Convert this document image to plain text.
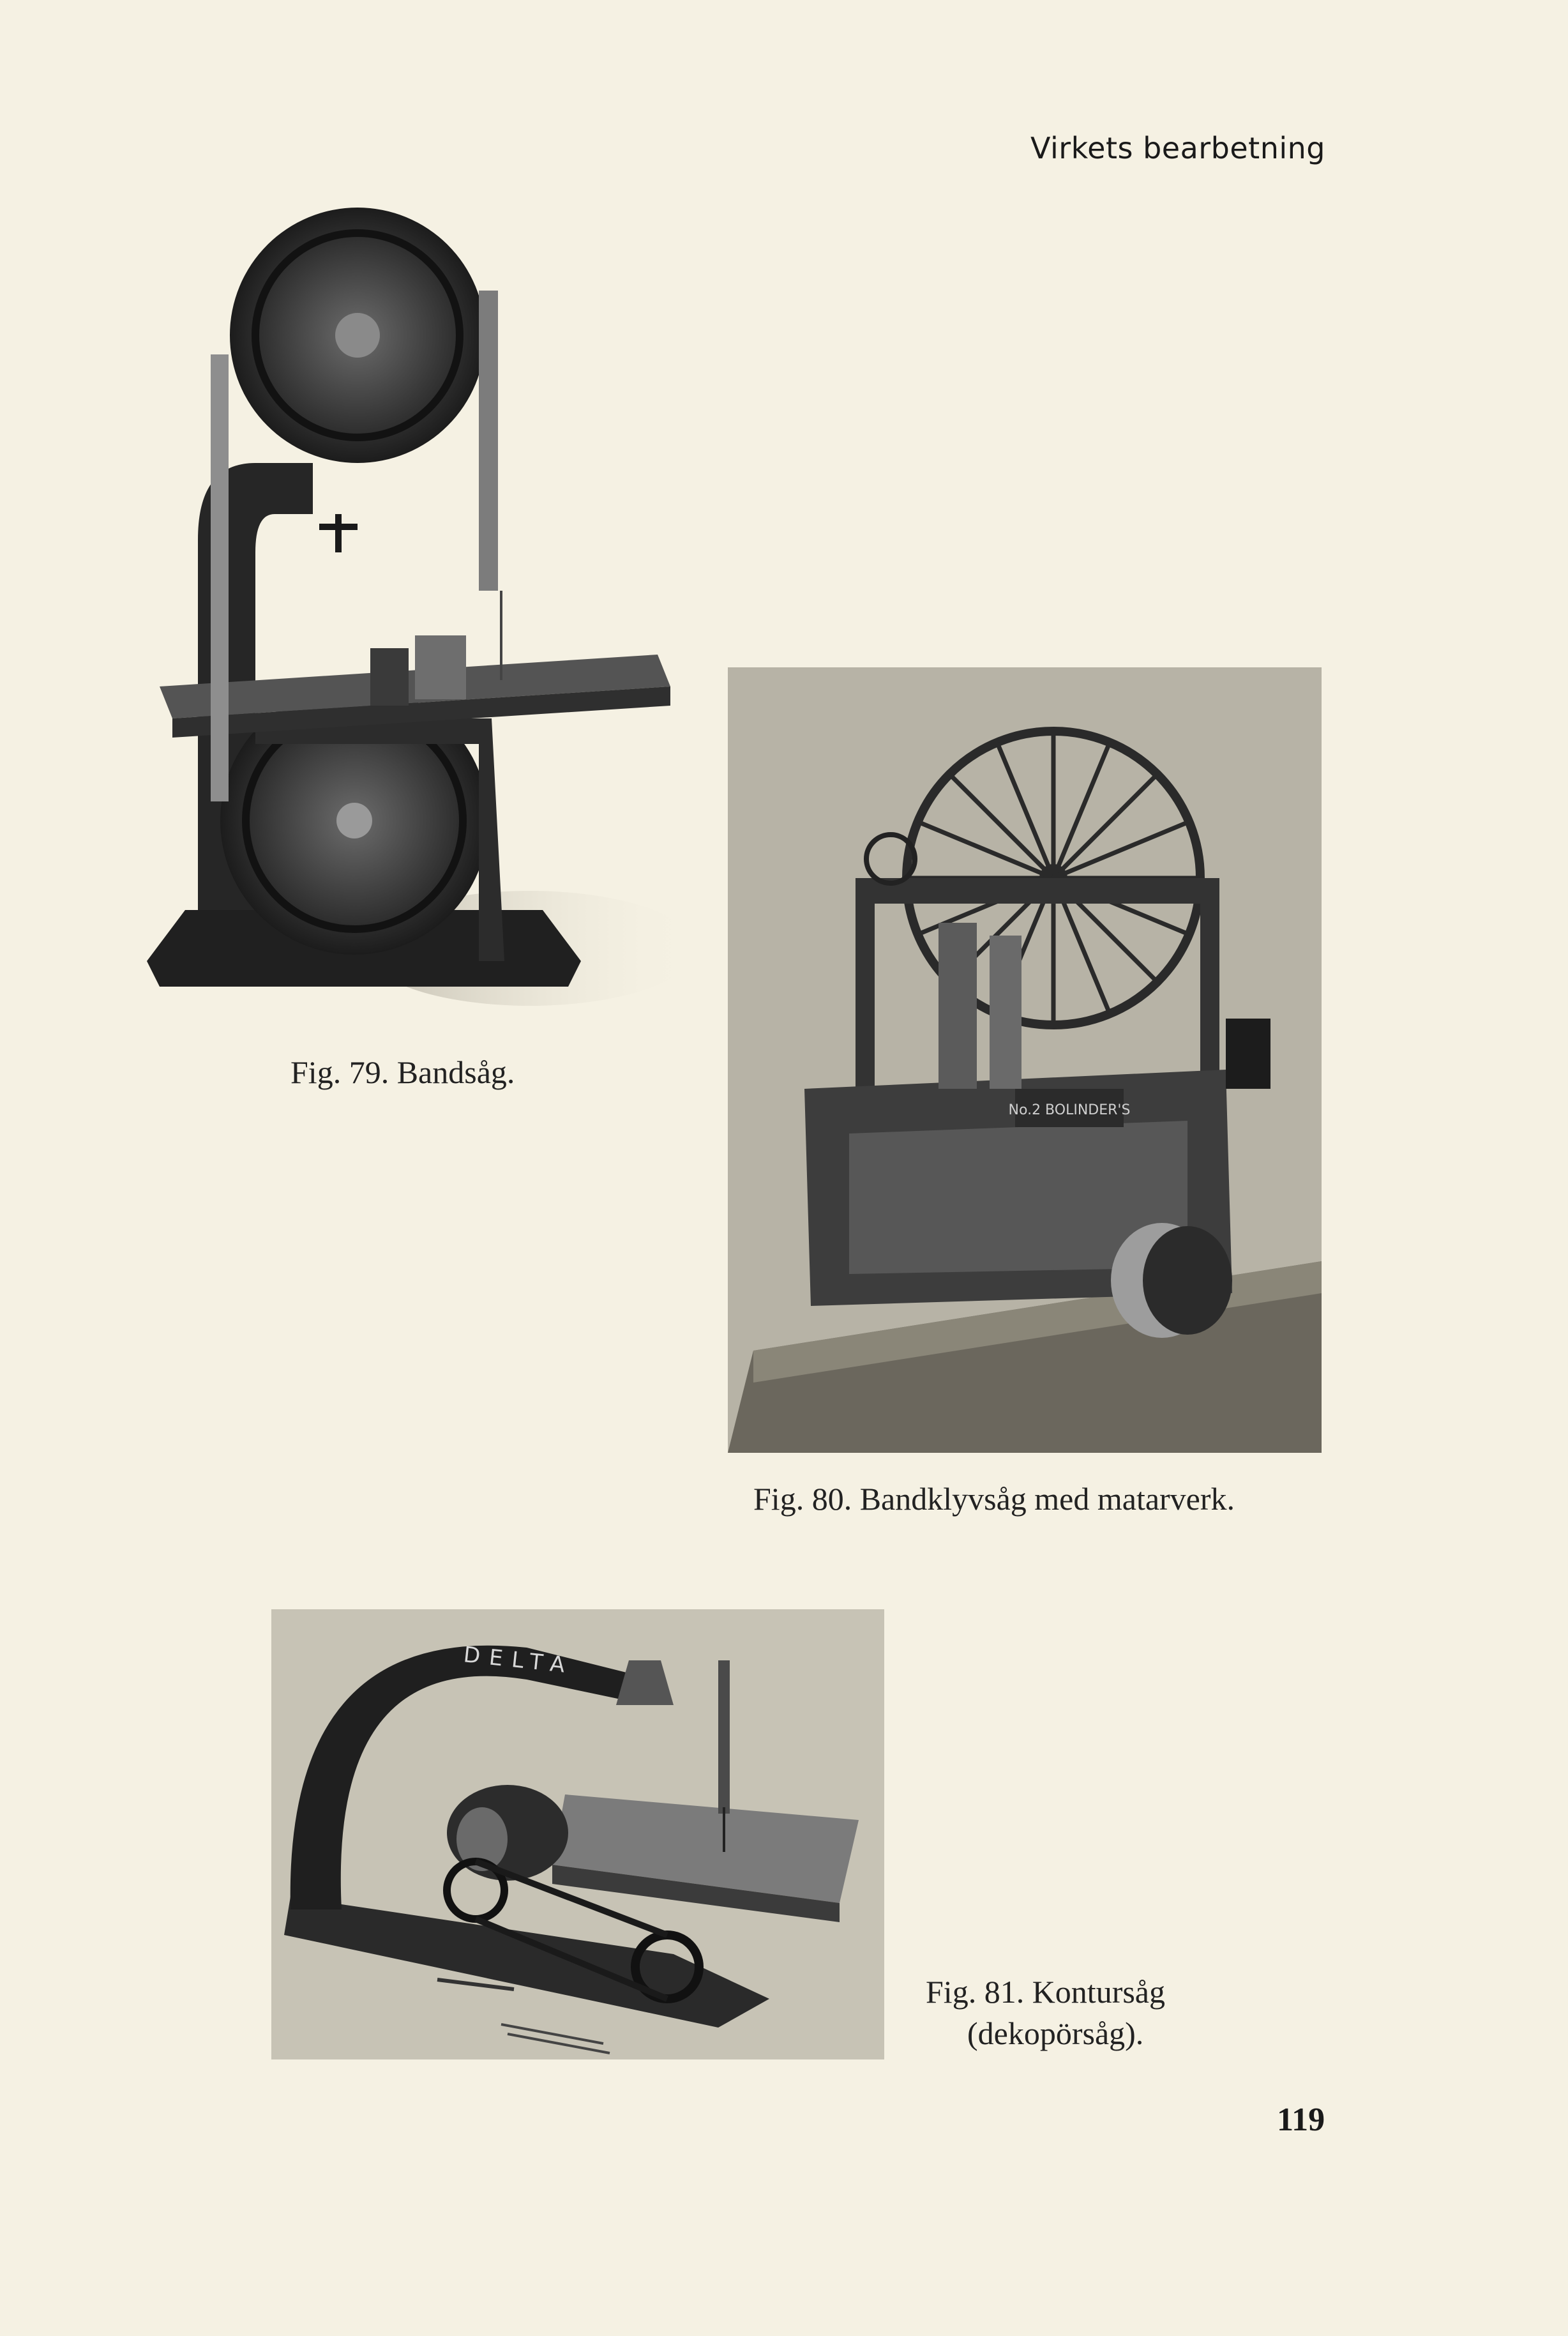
Virkets bearbetning
Fig. 79. Bandsåg.
No.2 BOLINDER'S
Fig. 80. Bandklyvsåg med matarverk.
DELTA
Fig. 81. Kontursåg
(dekopörsåg).
119
